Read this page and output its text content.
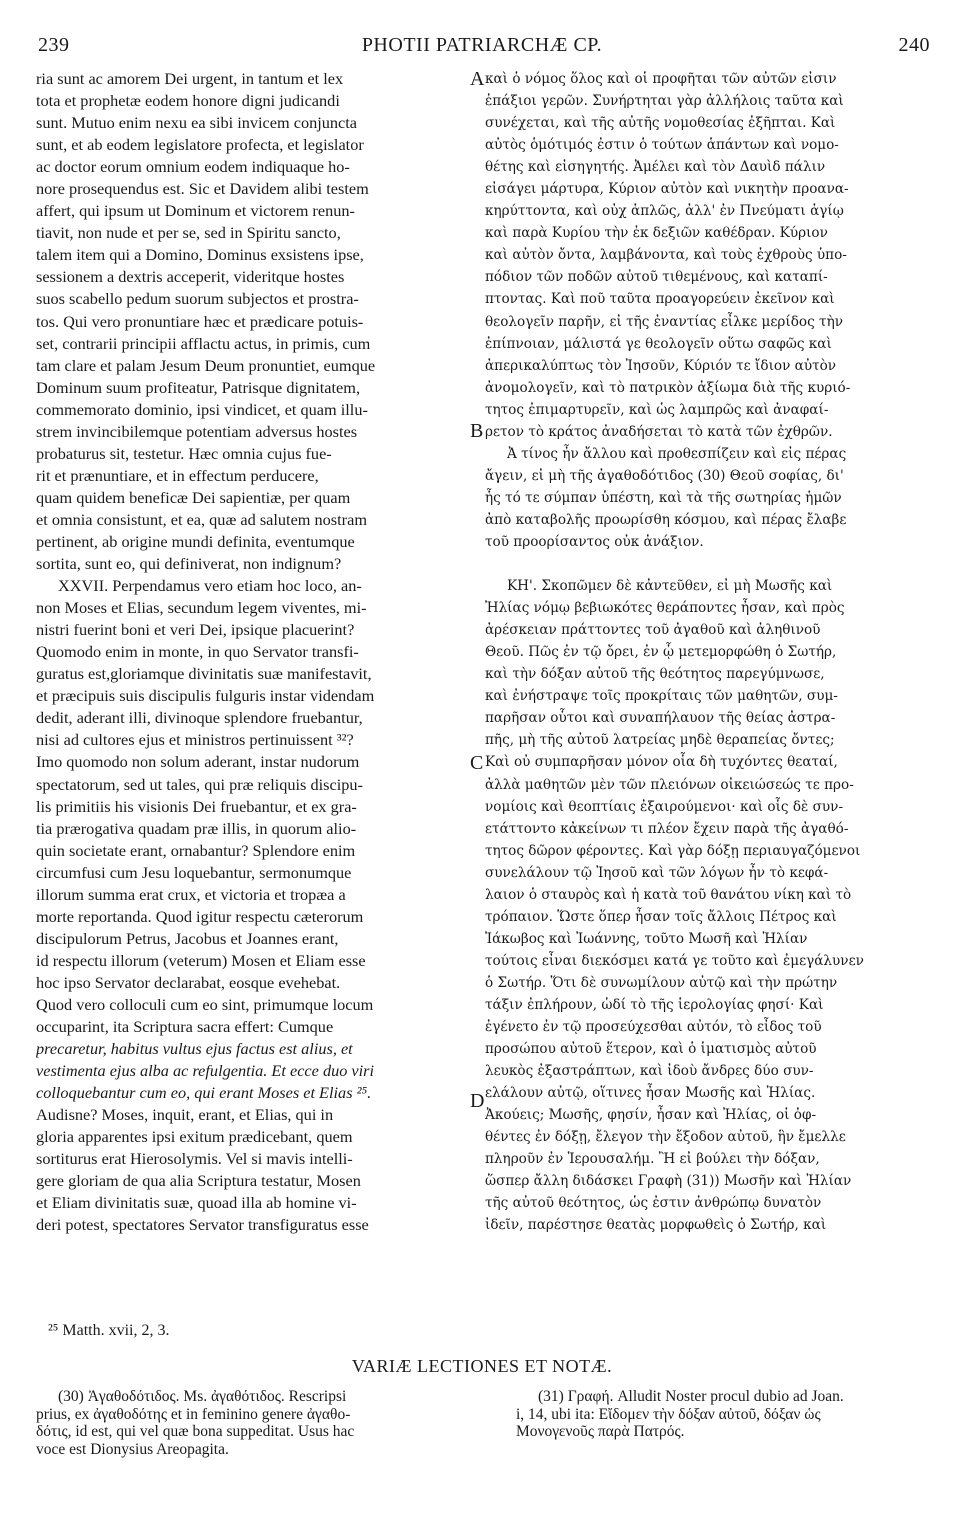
239	PHOTII PATRIARCHÆ CP.	240
ria sunt ac amorem Dei urgent, in tantum et lex
tota et prophetæ eodem honore digni judicandi
sunt. Mutuo enim nexu ea sibi invicem conjuncta
sunt, et ab eodem legislatore profecta, et legislator
ac doctor eorum omnium eodem indiquaque ho-
nore prosequendus est. Sic et Davidem alibi testem
affert, qui ipsum ut Dominum et victorem renun-
tiavit, non nude et per se, sed in Spiritu sancto,
talem item qui a Domino, Dominus exsistens ipse,
sessionem a dextris acceperit, videritque hostes
suos scabello pedum suorum subjectos et prostra-
tos. Qui vero pronuntiare hæc et prædicare potuis-
set, contrarii principii afflactu actus, in primis, cum
tam clare et palam Jesum Deum pronuntiet, eumque
Dominum suum profiteatur, Patrisque dignitatem,
commemorato dominio, ipsi vindicet, et quam illu-
strem invincibilemque potentiam adversus hostes
probaturus sit, testetur. Hæc omnia cujus fue-
rit et prænuntiare, et in effectum perducere,
quam quidem beneficæ Dei sapientiæ, per quam
et omnia consistunt, et ea, quæ ad salutem nostram
pertinent, ab origine mundi definita, eventumque
sortita, sunt eo, qui definiverat, non indignum?
XXVII. Perpendamus vero etiam hoc loco, an-
non Moses et Elias, secundum legem viventes, mi-
nistri fuerint boni et veri Dei, ipsique placuerint?
Quomodo enim in monte, in quo Servator transfi-
guratus est,gloriamque divinitatis suæ manifestavit,
et præcipuis suis discipulis fulguris instar videndam
dedit, aderant illi, divinoque splendore fruebantur,
nisi ad cultores ejus et ministros pertinuissent ³²?
Imo quomodo non solum aderant, instar nudorum
spectatorum, sed ut tales, qui præ reliquis discipu-
lis primitiis his visionis Dei fruebantur, et ex gra-
tia prærogativa quadam præ illis, in quorum alio-
quin societate erant, ornabantur? Splendore enim
circumfusi cum Jesu loquebantur, sermonumque
illorum summa erat crux, et victoria et tropæa a
morte reportanda. Quod igitur respectu cæterorum
discipulorum Petrus, Jacobus et Joannes erant,
id respectu illorum (veterum) Mosen et Eliam esse
hoc ipso Servator declarabat, eosque evehebat.
Quod vero colloculi cum eo sint, primumque locum
occuparint, ita Scriptura sacra effert: Cumque
precaretur, habitus vultus ejus factus est alius, et
vestimenta ejus alba ac refulgentia. Et ecce duo viri
colloquebantur cum eo, qui erant Moses et Elias ²⁵.
Audisne? Moses, inquit, erant, et Elias, qui in
gloria apparentes ipsi exitum prædicebant, quem
sortiturus erat Hierosolymis. Vel si mavis intelli-
gere gloriam de qua alia Scriptura testatur, Mosen
et Eliam divinitatis suæ, quoad illa ab homine vi-
deri potest, spectatores Servator transfiguratus esse
καὶ ὁ νόμος ὅλος καὶ οἱ προφῆται τῶν αὐτῶν εἰσιν
ἐπάξιοι γερῶν. Συνήρτηται γὰρ ἀλλήλοις ταῦτα καὶ
συνέχεται, καὶ τῆς αὐτῆς νομοθεσίας ἐξῆπται. Καὶ
αὐτὸς ὁμότιμός ἐστιν ὁ τούτων ἁπάντων καὶ νομο-
θέτης καὶ εἰσηγητής. Ἀμέλει καὶ τὸν Δαυὶδ πάλιν
εἰσάγει μάρτυρα, Κύριον αὐτὸν καὶ νικητὴν προανα-
κηρύττοντα, καὶ οὐχ ἁπλῶς, ἀλλ' ἐν Πνεύματι ἁγίῳ
καὶ παρὰ Κυρίου τὴν ἐκ δεξιῶν καθέδραν. Κύριον
καὶ αὐτὸν ὄντα, λαμβάνοντα, καὶ τοὺς ἐχθροὺς ὑπο-
πόδιον τῶν ποδῶν αὐτοῦ τιθεμένους, καὶ καταπί-
πτοντας. Καὶ ποῦ ταῦτα προαγορεύειν ἐκεῖνον καὶ
θεολογεῖν παρῆν, εἰ τῆς ἐναντίας εἶλκε μερίδος τὴν
ἐπίπνοιαν, μάλιστά γε θεολογεῖν οὕτω σαφῶς καὶ
ἀπερικαλύπτως τὸν Ἰησοῦν, Κύριόν τε ἴδιον αὐτὸν
ἀνομολογεῖν, καὶ τὸ πατρικὸν ἀξίωμα διὰ τῆς κυριό-
τητος ἐπιμαρτυρεῖν, καὶ ὡς λαμπρῶς καὶ ἀναφαί-
ρετον τὸ κράτος ἀναδήσεται τὸ κατὰ τῶν ἐχθρῶν.
Ἀ τίνος ἦν ἄλλου καὶ προθεσπίζειν καὶ εἰς πέρας
ἄγειν, εἰ μὴ τῆς ἀγαθοδότιδος (30) Θεοῦ σοφίας, δι'
ἧς τό τε σύμπαν ὑπέστη, καὶ τὰ τῆς σωτηρίας ἡμῶν
ἀπὸ καταβολῆς προωρίσθη κόσμου, καὶ πέρας ἔλαβε
τοῦ προορίσαντος οὐκ ἀνάξιον.
ΚΗ'. Σκοπῶμεν δὲ κἀντεῦθεν, εἰ μὴ Μωσῆς καὶ
Ἠλίας νόμῳ βεβιωκότες θεράποντες ἦσαν, καὶ πρὸς
ἀρέσκειαν πράττοντες τοῦ ἀγαθοῦ καὶ ἀληθινοῦ
Θεοῦ. Πῶς ἐν τῷ ὄρει, ἐν ᾧ μετεμορφώθη ὁ Σωτήρ,
καὶ τὴν δόξαν αὐτοῦ τῆς θεότητος παρεγύμνωσε,
καὶ ἐνήστραψε τοῖς προκρίταις τῶν μαθητῶν, συμ-
παρῆσαν οὗτοι καὶ συναπήλαυον τῆς θείας ἀστρα-
πῆς, μὴ τῆς αὐτοῦ λατρείας μηδὲ θεραπείας ὄντες;
Καὶ οὐ συμπαρῆσαν μόνον οἷα δὴ τυχόντες θεαταί,
ἀλλὰ μαθητῶν μὲν τῶν πλειόνων οἰκειώσεώς τε προ-
νομίοις καὶ θεοπτίαις ἐξαιρούμενοι· καὶ οἷς δὲ συν-
ετάττοντο κἀκείνων τι πλέον ἔχειν παρὰ τῆς ἀγαθό-
τητος δῶρον φέροντες. Καὶ γὰρ δόξῃ περιαυγαζόμενοι
συνελάλουν τῷ Ἰησοῦ καὶ τῶν λόγων ἦν τὸ κεφά-
λαιον ὁ σταυρὸς καὶ ἡ κατὰ τοῦ θανάτου νίκη καὶ τὸ
τρόπαιον. Ὥστε ὅπερ ἦσαν τοῖς ἄλλοις Πέτρος καὶ
Ἰάκωβος καὶ Ἰωάννης, τοῦτο Μωσῆ καὶ Ἠλίαν
τούτοις εἶναι διεκόσμει κατά γε τοῦτο καὶ ἐμεγάλυνεν
ὁ Σωτήρ. Ὅτι δὲ συνωμίλουν αὐτῷ καὶ τὴν πρώτην
τάξιν ἐπλήρουν, ὡδί τὸ τῆς ἱερολογίας φησί· Καὶ
ἐγένετο ἐν τῷ προσεύχεσθαι αὐτόν, τὸ εἶδος τοῦ
προσώπου αὐτοῦ ἕτερον, καὶ ὁ ἱματισμὸς αὐτοῦ
λευκὸς ἐξαστράπτων, καὶ ἰδοὺ ἄνδρες δύο συν-
ελάλουν αὐτῷ, οἵτινες ἦσαν Μωσῆς καὶ Ἠλίας.
Ἀκούεις; Μωσῆς, φησίν, ἦσαν καὶ Ἠλίας, οἱ ὀφ-
θέντες ἐν δόξῃ, ἔλεγον τὴν ἔξοδον αὐτοῦ, ἣν ἔμελλε
πληροῦν ἐν Ἱερουσαλήμ. Ἢ εἰ βούλει τὴν δόξαν,
ὥσπερ ἄλλη διδάσκει Γραφὴ (31)) Μωσῆν καὶ Ἠλίαν
τῆς αὐτοῦ θεότητος, ὡς ἐστιν ἀνθρώπῳ δυνατὸν
ἰδεῖν, παρέστησε θεατὰς μορφωθεὶς ὁ Σωτήρ, καὶ
A
B
C
D
²⁵ Matth. xvii, 2, 3.
VARIÆ LECTIONES ET NOTÆ.
(30) Ἀγαθοδότιδος. Ms. ἀγαθότιδος. Rescripsi
prius, ex ἀγαθοδότης et in feminino genere ἀγαθο-
δότις, id est, qui vel quæ bona suppeditat. Usus hac
voce est Dionysius Areopagita.
(31) Γραφή. Alludit Noster procul dubio ad Joan.
i, 14, ubi ita: Εἴδομεν τὴν δόξαν αὐτοῦ, δόξαν ὡς
Μονογενοῦς παρὰ Πατρός.
